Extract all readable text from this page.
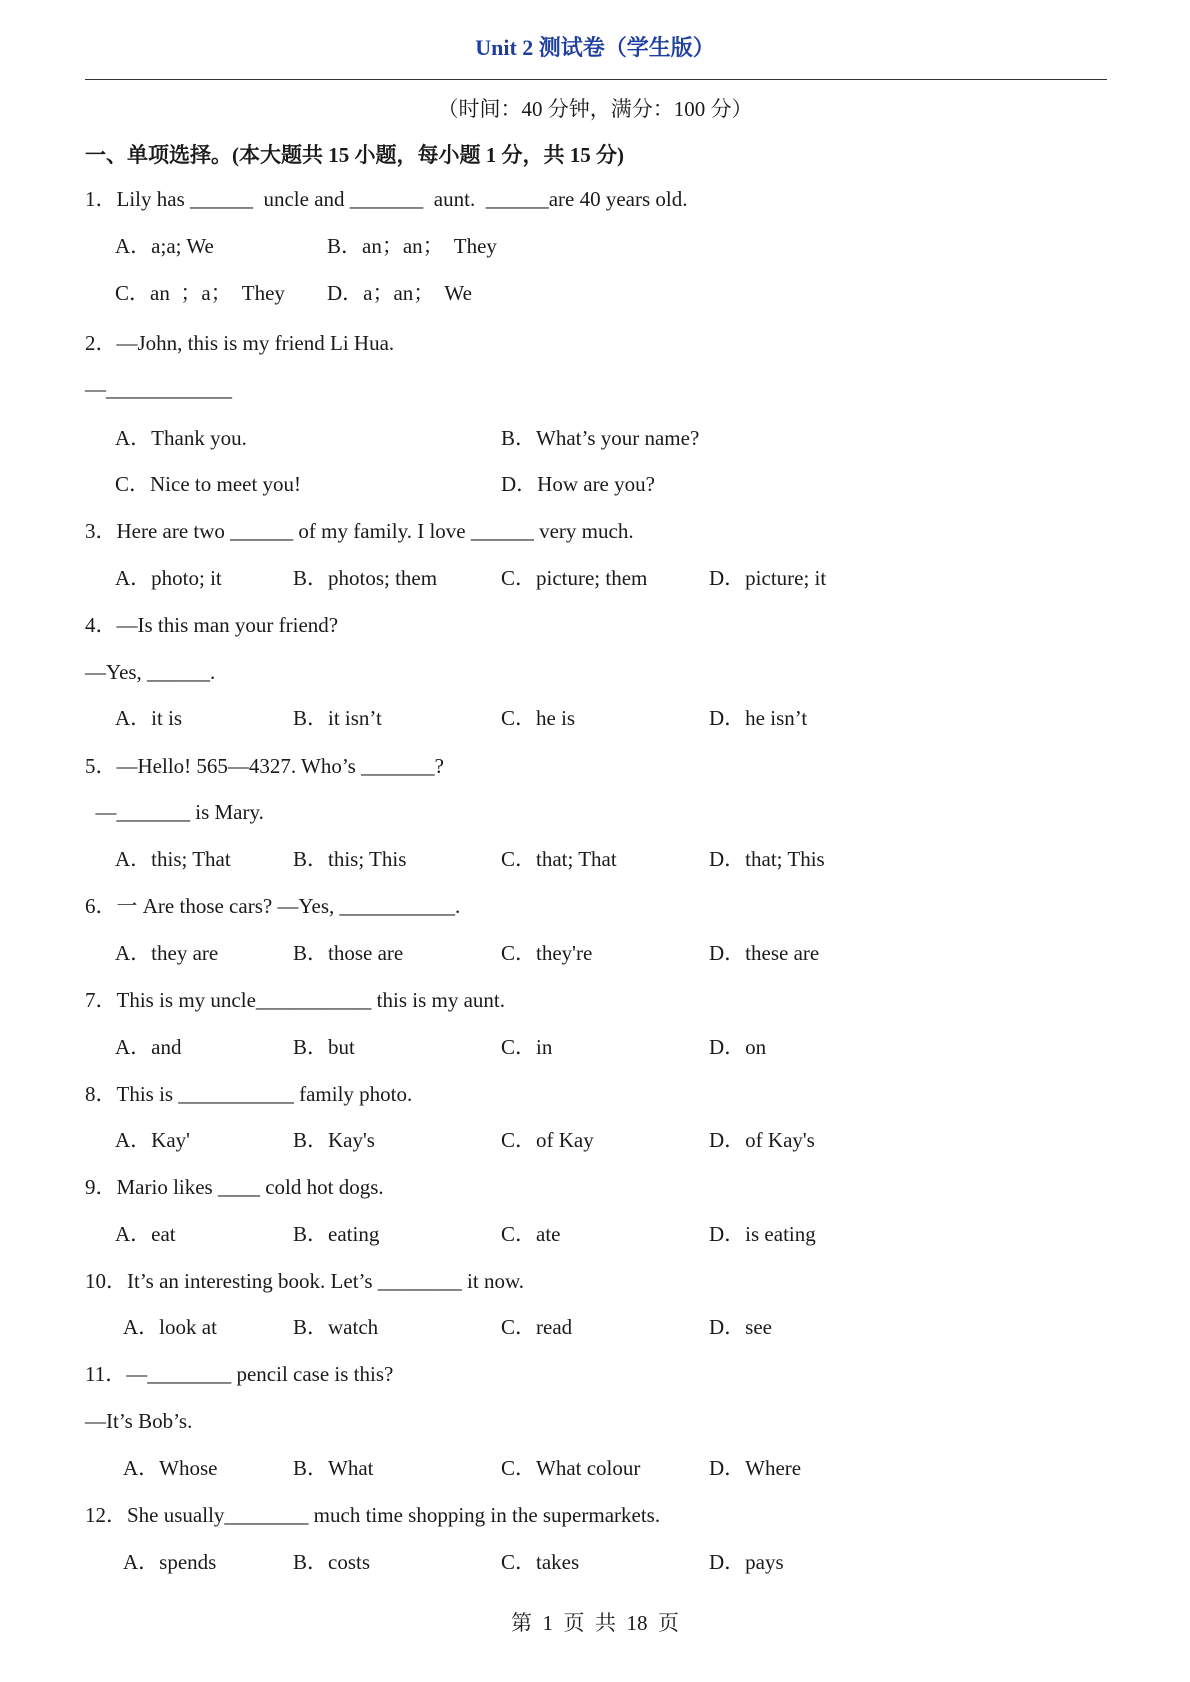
Unit 2 测试卷（学生版）
（时间：40 分钟，满分：100 分）
一、单项选择。(本大题共 15 小题，每小题 1 分，共 15 分)
1．Lily has ______  uncle and _______  aunt.  ______are 40 years old.
A．a;a; We	B．an；an；  They
C．an  ；a；  They D．a；an；  We
2．—John, this is my friend Li Hua.
—____________
A．Thank you.	B．What’s your name?
C．Nice to meet you!	D．How are you?
3．Here are two ______ of my family. I love ______ very much.
A．photo; it	B．photos; them	C．picture; them	D．picture; it
4．—Is this man your friend?
—Yes, ______.
A．it is	B．it isn’t	C．he is	D．he isn’t
5．—Hello! 565—4327. Who’s _______?
—_______ is Mary.
A．this; That	B．this; This	C．that; That	D．that; This
6．一 Are those cars? —Yes, ___________.
A．they are	B．those are	C．they're	D．these are
7．This is my uncle___________ this is my aunt.
A．and	B．but	C．in	D．on
8．This is ___________ family photo.
A．Kay'	B．Kay's	C．of Kay	D．of Kay's
9．Mario likes ____ cold hot dogs.
A．eat	B．eating	C．ate	D．is eating
10．It’s an interesting book. Let’s ________ it now.
A．look at	B．watch	C．read	D．see
11．—________ pencil case is this?
—It’s Bob’s.
A．Whose	B．What	C．What colour	D．Where
12．She usually________ much time shopping in the supermarkets.
A．spends	B．costs	C．takes	D．pays
第  1  页  共  18  页
